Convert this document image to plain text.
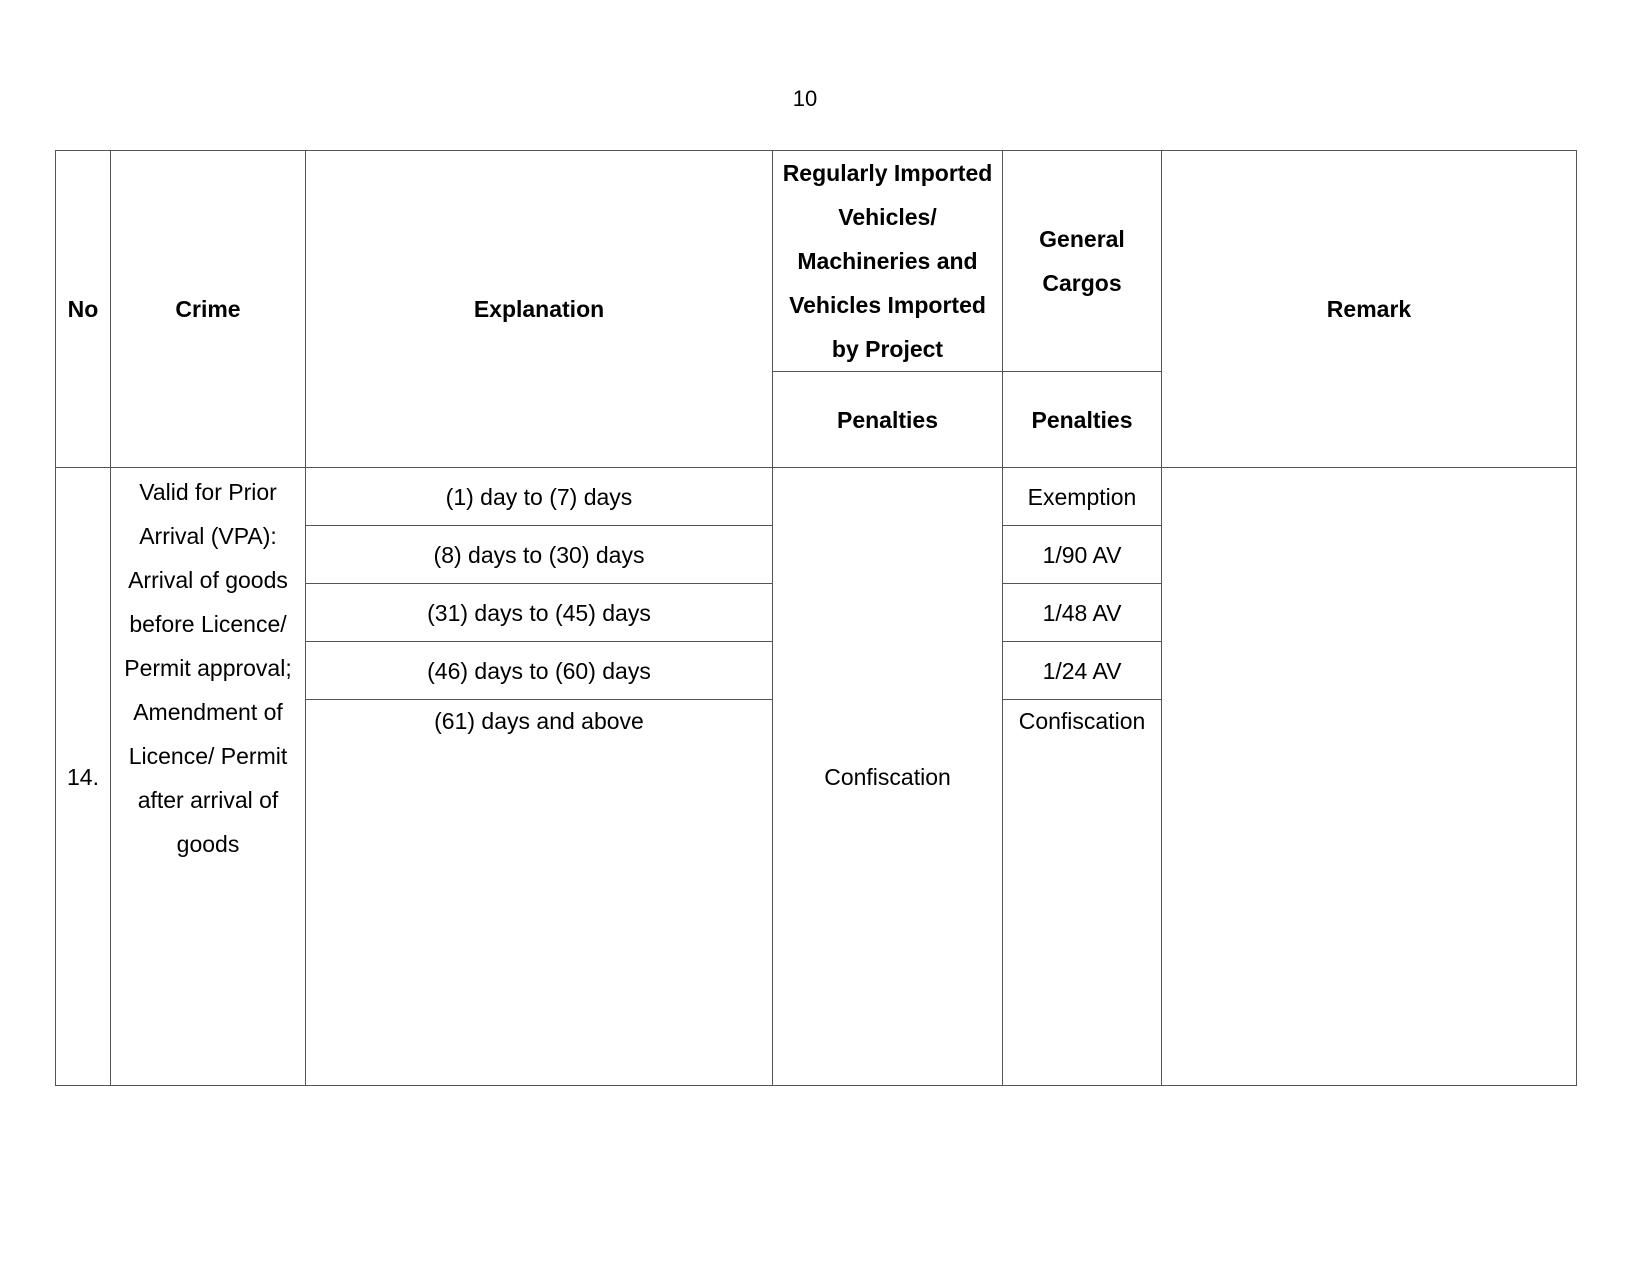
10
No	Crime	Explanation	Regularly Imported Vehicles/ Machineries and Vehicles Imported by Project	General Cargos	Remark
			Penalties	Penalties	
14.	Valid for Prior Arrival (VPA): Arrival of goods before Licence/ Permit approval; Amendment of Licence/ Permit after arrival of goods	(1) day to (7) days	Confiscation	Exemption	
		(8) days to (30) days		1/90 AV	
		(31) days to (45) days		1/48 AV	
		(46) days to (60) days		1/24 AV	
		(61) days and above		Confiscation	
